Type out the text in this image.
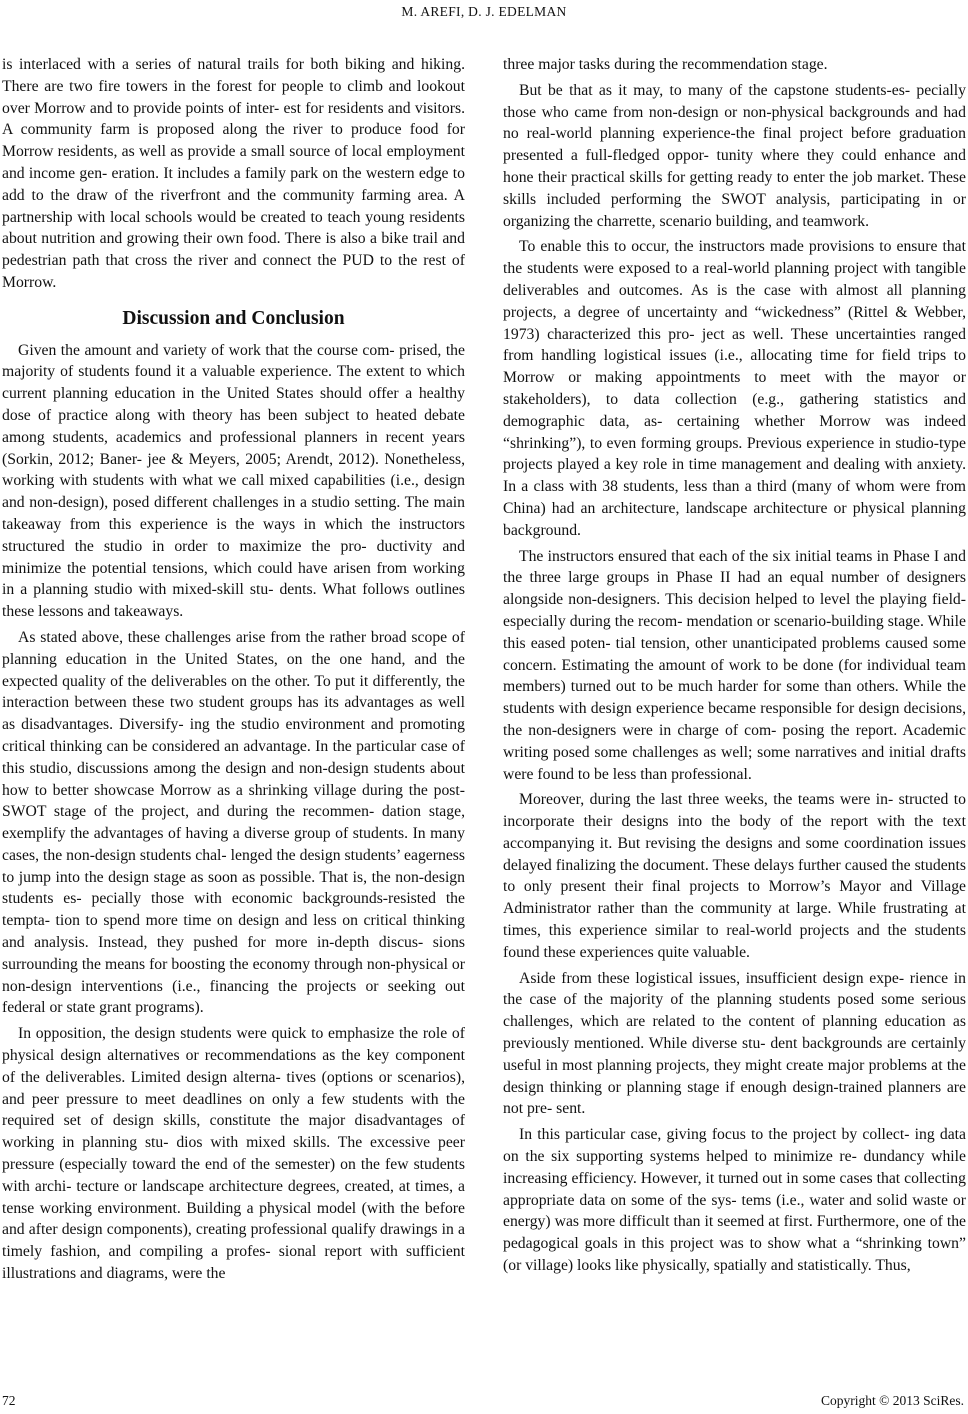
M. AREFI, D. J. EDELMAN

is interlaced with a series of natural trails for both biking and hiking. There are two fire towers in the forest for people to climb and lookout over Morrow and to provide points of inter- est for residents and visitors. A community farm is proposed along the river to produce food for Morrow residents, as well as provide a small source of local employment and income gen- eration. It includes a family park on the western edge to add to the draw of the riverfront and the community farming area. A partnership with local schools would be created to teach young residents about nutrition and growing their own food. There is also a bike trail and pedestrian path that cross the river and connect the PUD to the rest of Morrow.

Discussion and Conclusion

Given the amount and variety of work that the course com- prised, the majority of students found it a valuable experience. The extent to which current planning education in the United States should offer a healthy dose of practice along with theory has been subject to heated debate among students, academics and professional planners in recent years (Sorkin, 2012; Baner- jee & Meyers, 2005; Arendt, 2012). Nonetheless, working with students with what we call mixed capabilities (i.e., design and non-design), posed different challenges in a studio setting. The main takeaway from this experience is the ways in which the instructors structured the studio in order to maximize the pro- ductivity and minimize the potential tensions, which could have arisen from working in a planning studio with mixed-skill stu- dents. What follows outlines these lessons and takeaways.

As stated above, these challenges arise from the rather broad scope of planning education in the United States, on the one hand, and the expected quality of the deliverables on the other. To put it differently, the interaction between these two student groups has its advantages as well as disadvantages. Diversify- ing the studio environment and promoting critical thinking can be considered an advantage. In the particular case of this studio, discussions among the design and non-design students about how to better showcase Morrow as a shrinking village during the post-SWOT stage of the project, and during the recommen- dation stage, exemplify the advantages of having a diverse group of students. In many cases, the non-design students chal- lenged the design students’ eagerness to jump into the design stage as soon as possible. That is, the non-design students es- pecially those with economic backgrounds-resisted the tempta- tion to spend more time on design and less on critical thinking and analysis. Instead, they pushed for more in-depth discus- sions surrounding the means for boosting the economy through non-physical or non-design interventions (i.e., financing the projects or seeking out federal or state grant programs).

In opposition, the design students were quick to emphasize the role of physical design alternatives or recommendations as the key component of the deliverables. Limited design alterna- tives (options or scenarios), and peer pressure to meet deadlines on only a few students with the required set of design skills, constitute the major disadvantages of working in planning stu- dios with mixed skills. The excessive peer pressure (especially toward the end of the semester) on the few students with archi- tecture or landscape architecture degrees, created, at times, a tense working environment. Building a physical model (with the before and after design components), creating professional qualify drawings in a timely fashion, and compiling a profes- sional report with sufficient illustrations and diagrams, were the

three major tasks during the recommendation stage.

But be that as it may, to many of the capstone students-es- pecially those who came from non-design or non-physical backgrounds and had no real-world planning experience-the final project before graduation presented a full-fledged oppor- tunity where they could enhance and hone their practical skills for getting ready to enter the job market. These skills included performing the SWOT analysis, participating in or organizing the charrette, scenario building, and teamwork.

To enable this to occur, the instructors made provisions to ensure that the students were exposed to a real-world planning project with tangible deliverables and outcomes. As is the case with almost all planning projects, a degree of uncertainty and “wickedness” (Rittel & Webber, 1973) characterized this pro- ject as well. These uncertainties ranged from handling logistical issues (i.e., allocating time for field trips to Morrow or making appointments to meet with the mayor or stakeholders), to data collection (e.g., gathering statistics and demographic data, as- certaining whether Morrow was indeed “shrinking”), to even forming groups. Previous experience in studio-type projects played a key role in time management and dealing with anxiety. In a class with 38 students, less than a third (many of whom were from China) had an architecture, landscape architecture or physical planning background.

The instructors ensured that each of the six initial teams in Phase I and the three large groups in Phase II had an equal number of designers alongside non-designers. This decision helped to level the playing field-especially during the recom- mendation or scenario-building stage. While this eased poten- tial tension, other unanticipated problems caused some concern. Estimating the amount of work to be done (for individual team members) turned out to be much harder for some than others. While the students with design experience became responsible for design decisions, the non-designers were in charge of com- posing the report. Academic writing posed some challenges as well; some narratives and initial drafts were found to be less than professional.

Moreover, during the last three weeks, the teams were in- structed to incorporate their designs into the body of the report with the text accompanying it. But revising the designs and some coordination issues delayed finalizing the document. These delays further caused the students to only present their final projects to Morrow’s Mayor and Village Administrator rather than the community at large. While frustrating at times, this experience similar to real-world projects and the students found these experiences quite valuable.

Aside from these logistical issues, insufficient design expe- rience in the case of the majority of the planning students posed some serious challenges, which are related to the content of planning education as previously mentioned. While diverse stu- dent backgrounds are certainly useful in most planning projects, they might create major problems at the design thinking or planning stage if enough design-trained planners are not pre- sent.

In this particular case, giving focus to the project by collect- ing data on the six supporting systems helped to minimize re- dundancy while increasing efficiency. However, it turned out in some cases that collecting appropriate data on some of the sys- tems (i.e., water and solid waste or energy) was more difficult than it seemed at first. Furthermore, one of the pedagogical goals in this project was to show what a “shrinking town” (or village) looks like physically, spatially and statistically. Thus,

72	Copyright © 2013 SciRes.
